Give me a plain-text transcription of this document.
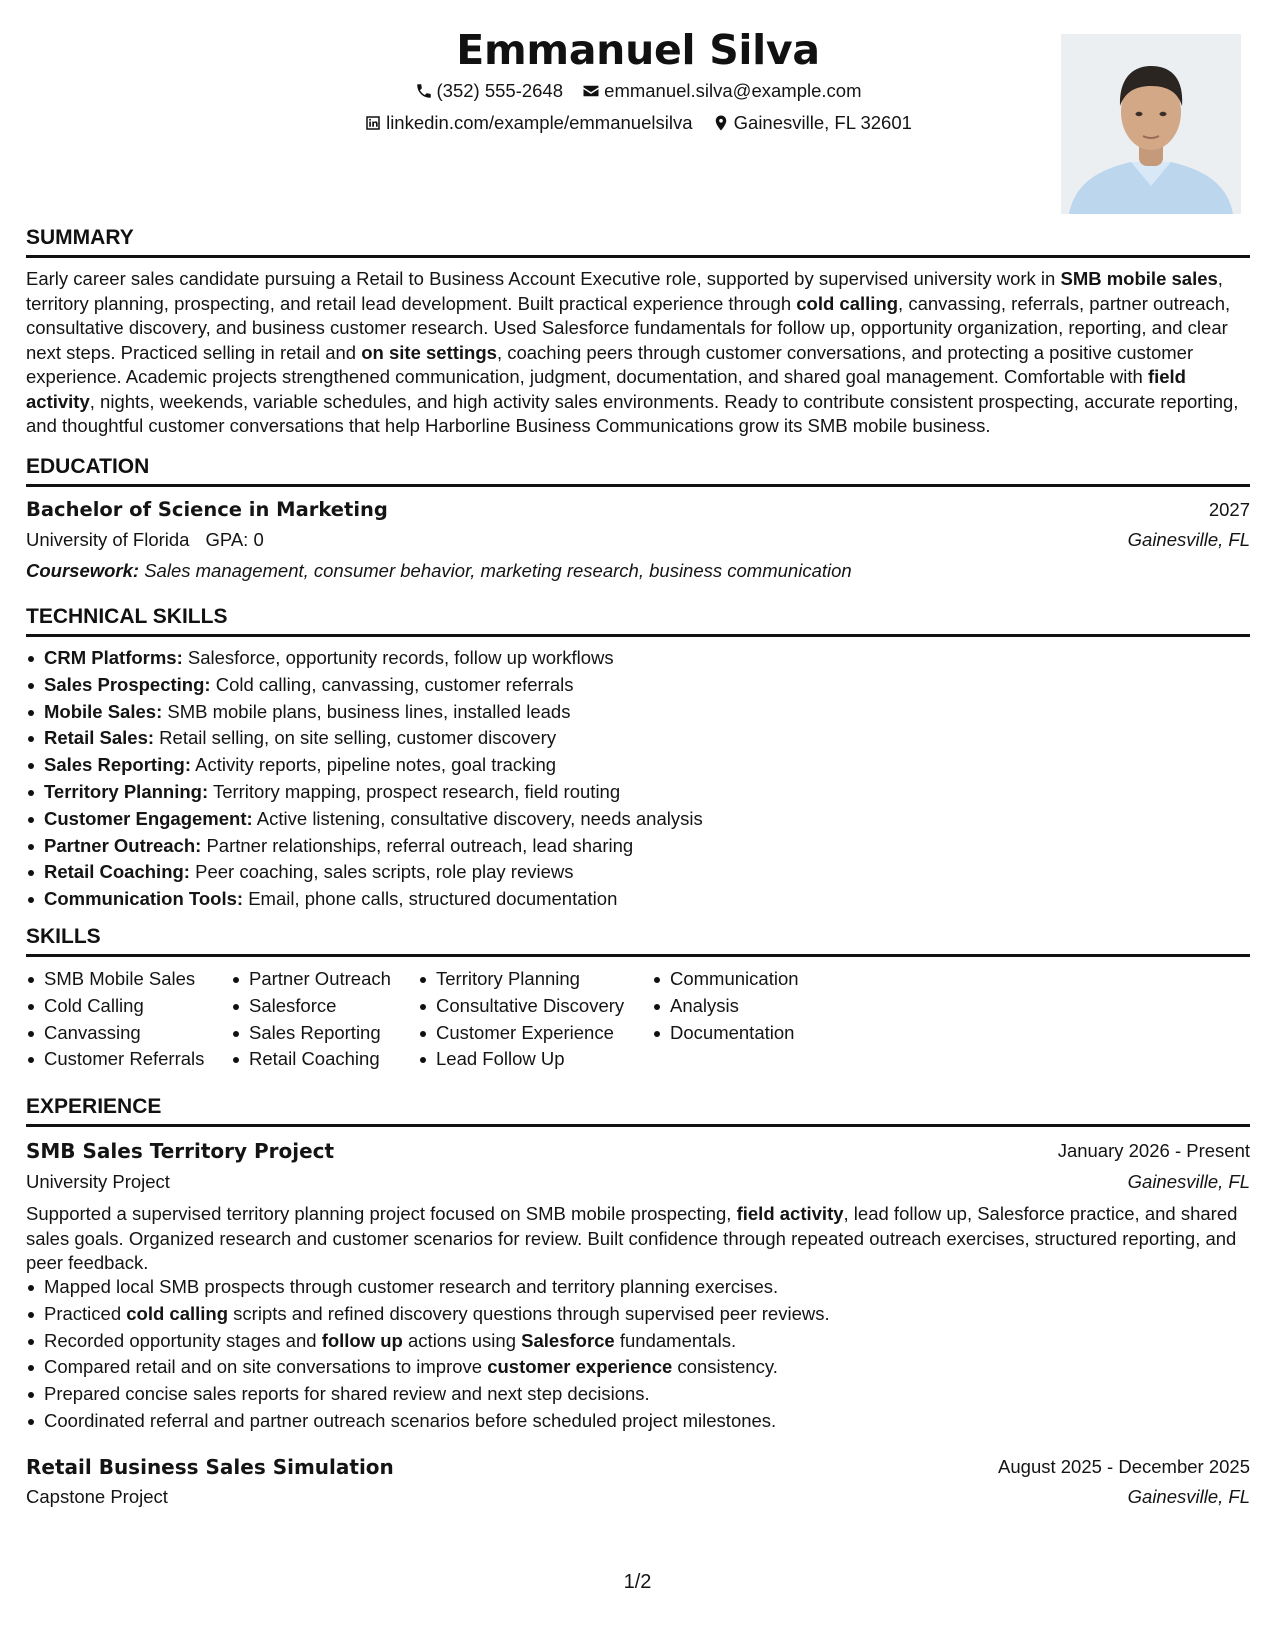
Emmanuel Silva
(352) 555-2648 emmanuel.silva@example.com
linkedin.com/example/emmanuelsilva Gainesville, FL 32601
SUMMARY
Early career sales candidate pursuing a Retail to Business Account Executive role, supported by supervised university work in SMB mobile sales, territory planning, prospecting, and retail lead development. Built practical experience through cold calling, canvassing, referrals, partner outreach, consultative discovery, and business customer research. Used Salesforce fundamentals for follow up, opportunity organization, reporting, and clear next steps. Practiced selling in retail and on site settings, coaching peers through customer conversations, and protecting a positive customer experience. Academic projects strengthened communication, judgment, documentation, and shared goal management. Comfortable with field activity, nights, weekends, variable schedules, and high activity sales environments. Ready to contribute consistent prospecting, accurate reporting, and thoughtful customer conversations that help Harborline Business Communications grow its SMB mobile business.
EDUCATION
Bachelor of Science in Marketing	2027
University of Florida GPA: 0	Gainesville, FL
Coursework: Sales management, consumer behavior, marketing research, business communication
TECHNICAL SKILLS
CRM Platforms: Salesforce, opportunity records, follow up workflows
Sales Prospecting: Cold calling, canvassing, customer referrals
Mobile Sales: SMB mobile plans, business lines, installed leads
Retail Sales: Retail selling, on site selling, customer discovery
Sales Reporting: Activity reports, pipeline notes, goal tracking
Territory Planning: Territory mapping, prospect research, field routing
Customer Engagement: Active listening, consultative discovery, needs analysis
Partner Outreach: Partner relationships, referral outreach, lead sharing
Retail Coaching: Peer coaching, sales scripts, role play reviews
Communication Tools: Email, phone calls, structured documentation
SKILLS
SMB Mobile Sales
Cold Calling
Canvassing
Customer Referrals
Partner Outreach
Salesforce
Sales Reporting
Retail Coaching
Territory Planning
Consultative Discovery
Customer Experience
Lead Follow Up
Communication
Analysis
Documentation
EXPERIENCE
SMB Sales Territory Project	January 2026 - Present
University Project	Gainesville, FL
Supported a supervised territory planning project focused on SMB mobile prospecting, field activity, lead follow up, Salesforce practice, and shared sales goals. Organized research and customer scenarios for review. Built confidence through repeated outreach exercises, structured reporting, and peer feedback.
Mapped local SMB prospects through customer research and territory planning exercises.
Practiced cold calling scripts and refined discovery questions through supervised peer reviews.
Recorded opportunity stages and follow up actions using Salesforce fundamentals.
Compared retail and on site conversations to improve customer experience consistency.
Prepared concise sales reports for shared review and next step decisions.
Coordinated referral and partner outreach scenarios before scheduled project milestones.
Retail Business Sales Simulation	August 2025 - December 2025
Capstone Project	Gainesville, FL
1/2
